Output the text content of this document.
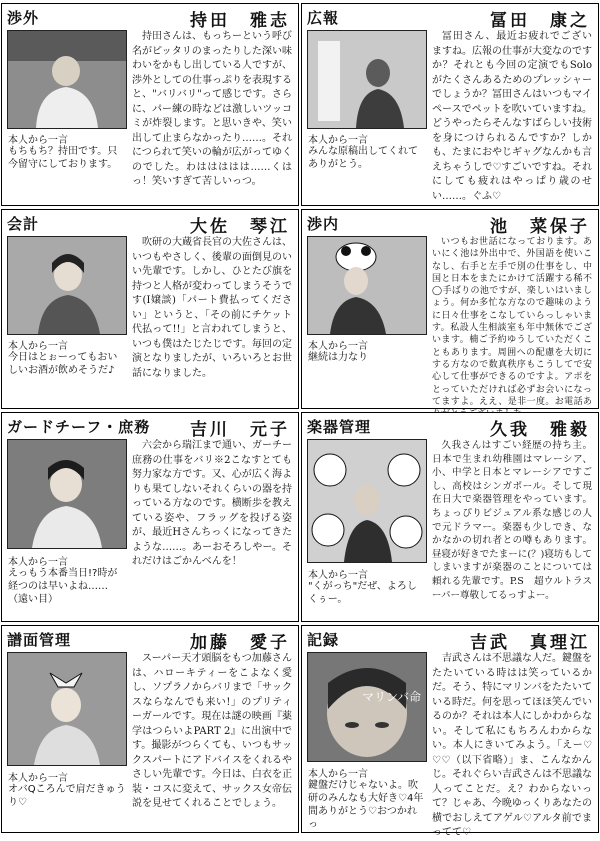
渉外	持田　雅志
本人から一言
もちもち？持田です。只今留守にしております。
持田さんは、もっちーという呼び名がピッタリのまったりした深い味わいをかもし出している人ですが、渉外としての仕事っぷりを表現すると、"バリバリ"って感じです。さらに、パー練の時などは激しいツッコミが炸裂します。と思いきや、笑い出して止まらなかったり……。それにつられて笑いの輪が広がってゆくのでした。わははははは……くはっ！笑いすぎて苦しいっつ。
広報	冨田　康之
本人から一言
みんな原稿出してくれてありがとう。
冨田さん、最近お疲れでございますね。広報の仕事が大変なのですか？それとも今回の定演でもSoloがたくさんあるためのプレッシャーでしょうか？冨田さんはいつもマイペースでペットを吹いていますね。どうやったらそんなすばらしい技術を身につけられるんですか？しかも、たまにおやじギャグなんかも言えちゃうしで♡すごいですね。それにしても疲れはやっぱり歳のせい……。ぐふ♡
会計	大佐　琴江
本人から一言
今日はとぉーってもおいしいお酒が飲めそうだ♪
吹研の大蔵省長官の大佐さんは、いつもやさしく、後輩の面倒見のいい先輩です。しかし、ひとたび旗を持つと人格が変わってしまうそうです(I嬢談)「パート費払ってください」というと、「その前にチケット代払って!!」と言われてしまうと、いつも僕はたじたじです。毎回の定演となりましたが、いろいろとお世話になりました。
渉内	池　菜保子
本人から一言
継続は力なり
いつもお世話になっております。あいにく池は外出中で、外国語を使いこなし、右手と左手で別の仕事をし、中国と日本をまたにかけて活躍する稀不◯手ばりの池ですが、楽しいはいましょう。何か多忙な方なので趣味のように日々仕事をこなしていらっしゃいます。私設人生相談室も年中無休でございます。楠ご予約ゆうしていただくこともあります。周囲への配慮を大切にする方なので数真秩序もこうしてで安心して仕事ができるのですよ。アポをとっていただければ必ずお会いになってますよ。ええ、是非一度。お電話あ
ガードチーフ・庶務 吉川　元子
本人から一言
えっもう本番当日!?時が経つのは早いよね……（遠い目）
六会から瑞江まで通い、ガーチー庶務の仕事をバリ※2こなすとても努力家な方です。又、心が広く海よりも果てしないそれくらいの器を持っている方なのです。横断歩を教えている姿や、フラッグを投げる姿が、最近Hさんちっくになってきたような……。あーおそろしやー。それだけはごかんべんを！
楽器管理	久我　雅毅
本人から一言
"くがっち"だぜ、よろしくぅー。
久我さんはすごい経歴の持ち主。日本で生まれ幼稚園はマレーシア、小、中学と日本とマレーシアですごし、高校はシンガポール。そして現在日大で楽器管理をやっています。ちょっぴりビジュアル系な感じの人で元ドラマー。楽器も少しでき、なかなかの切れ者との噂もあります。昼寝が好きでたまーに(？)寝坊もしてしまいますが楽器のことについては頼れる先輩です。P.S　超ウルトラスーパー尊敬してるっすよー。
譜面管理	加藤　愛子
本人から一言
オバQころんで肩だきゅうり♡
スーパー天才頭脳をもつ加藤さんは、ハローキティーをこよなく愛し、ソプラノからバリまで「サックスならなんでも来い!」のプリティーガールです。現在は謎の映画『薬学はつらいよPART 2』に出演中です。撮影がつらくても、いつもサックスパートにアドバイスをくれるやさしい先輩です。今日は、白衣を正装・コスに変えて、サックス女帝伝説を見せてくれることでしょう。
記録	吉武　真理江
マリンバ命
本人から一言
鍵盤だけじゃないよ。吹研のみんなも大好き♡4年間ありがとう♡おつかれっ
吉武さんは不思議な人だ。鍵盤をたたいている時はは笑っているかだ。そう、特にマリンバをたたいている時だ。何を思ってほほ笑んでいるのか？それは本人にしかわからない。そして私にもちろんわからない。本人にきいてみよう。「えー♡♡♡（以下省略）」ま、こんなかんじ。それぐらい吉武さんは不思議な人ってことだ。え？わからないって？じゃあ、今晩ゆっくりあなたの横でおしえてアゲル♡アルタ前でまってて♡
